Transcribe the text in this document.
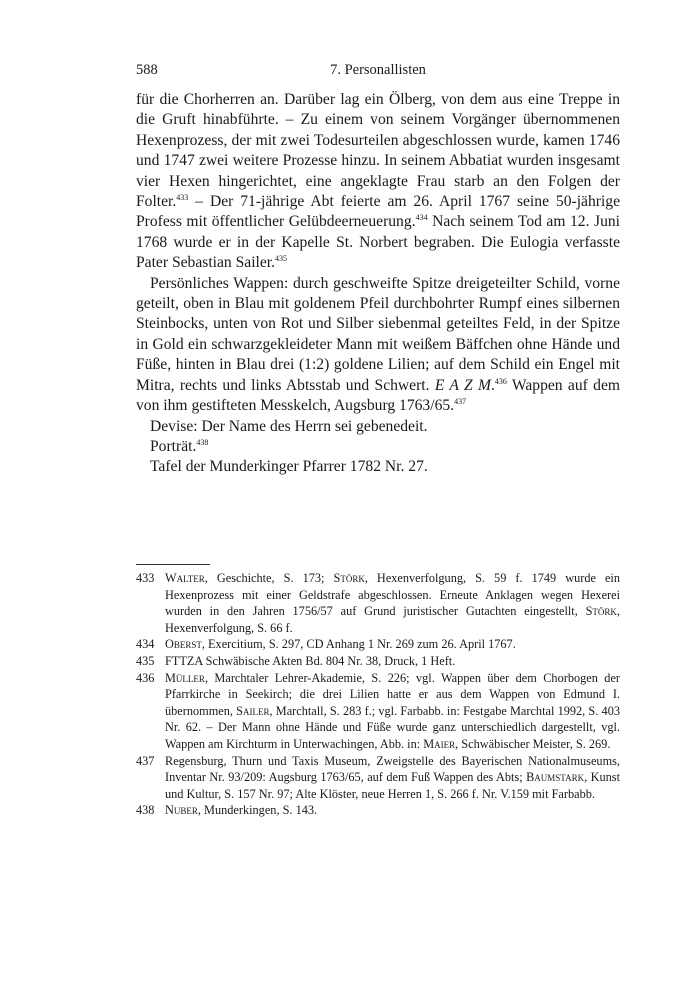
588	7. Personallisten

für die Chorherren an. Darüber lag ein Ölberg, von dem aus eine Treppe in die Gruft hinabführte. – Zu einem von seinem Vorgänger übernommenen Hexenprozess, der mit zwei Todesurteilen abgeschlossen wurde, kamen 1746 und 1747 zwei weitere Prozesse hinzu. In seinem Abbatiat wurden insgesamt vier Hexen hingerichtet, eine angeklagte Frau starb an den Folgen der Folter.$^{433}$ – Der 71-jährige Abt feierte am 26. April 1767 seine 50-jährige Profess mit öffentlicher Gelübdeerneuerung.$^{434}$ Nach seinem Tod am 12. Juni 1768 wurde er in der Kapelle St. Norbert begraben. Die Eulogia verfasste Pater Sebastian Sailer.$^{435}$

Persönliches Wappen: durch geschweifte Spitze dreigeteilter Schild, vorne geteilt, oben in Blau mit goldenem Pfeil durchbohrter Rumpf eines silbernen Steinbocks, unten von Rot und Silber siebenmal geteiltes Feld, in der Spitze in Gold ein schwarzgekleideter Mann mit weißem Bäffchen ohne Hände und Füße, hinten in Blau drei (1:2) goldene Lilien; auf dem Schild ein Engel mit Mitra, rechts und links Abtsstab und Schwert. E A Z M.$^{436}$ Wappen auf dem von ihm gestifteten Messkelch, Augsburg 1763/65.$^{437}$

Devise: Der Name des Herrn sei gebenedeit.

Porträt.$^{438}$

Tafel der Munderkinger Pfarrer 1782 Nr. 27.

433 Walter, Geschichte, S. 173; Störk, Hexenverfolgung, S. 59 f. 1749 wurde ein Hexenprozess mit einer Geldstrafe abgeschlossen. Erneute Anklagen wegen Hexerei wurden in den Jahren 1756/57 auf Grund juristischer Gutachten eingestellt, Störk, Hexenverfolgung, S. 66 f.
434 Oberst, Exercitium, S. 297, CD Anhang 1 Nr. 269 zum 26. April 1767.
435 FTTZA Schwäbische Akten Bd. 804 Nr. 38, Druck, 1 Heft.
436 Müller, Marchtaler Lehrer-Akademie, S. 226; vgl. Wappen über dem Chorbogen der Pfarrkirche in Seekirch; die drei Lilien hatte er aus dem Wappen von Edmund I. übernommen, Sailer, Marchtall, S. 283 f.; vgl. Farbabb. in: Festgabe Marchtal 1992, S. 403 Nr. 62. – Der Mann ohne Hände und Füße wurde ganz unterschiedlich dargestellt, vgl. Wappen am Kirchturm in Unterwachingen, Abb. in: Maier, Schwäbischer Meister, S. 269.
437 Regensburg, Thurn und Taxis Museum, Zweigstelle des Bayerischen Nationalmuseums, Inventar Nr. 93/209: Augsburg 1763/65, auf dem Fuß Wappen des Abts; Baumstark, Kunst und Kultur, S. 157 Nr. 97; Alte Klöster, neue Herren 1, S. 266 f. Nr. V.159 mit Farbabb.
438 Nuber, Munderkingen, S. 143.
